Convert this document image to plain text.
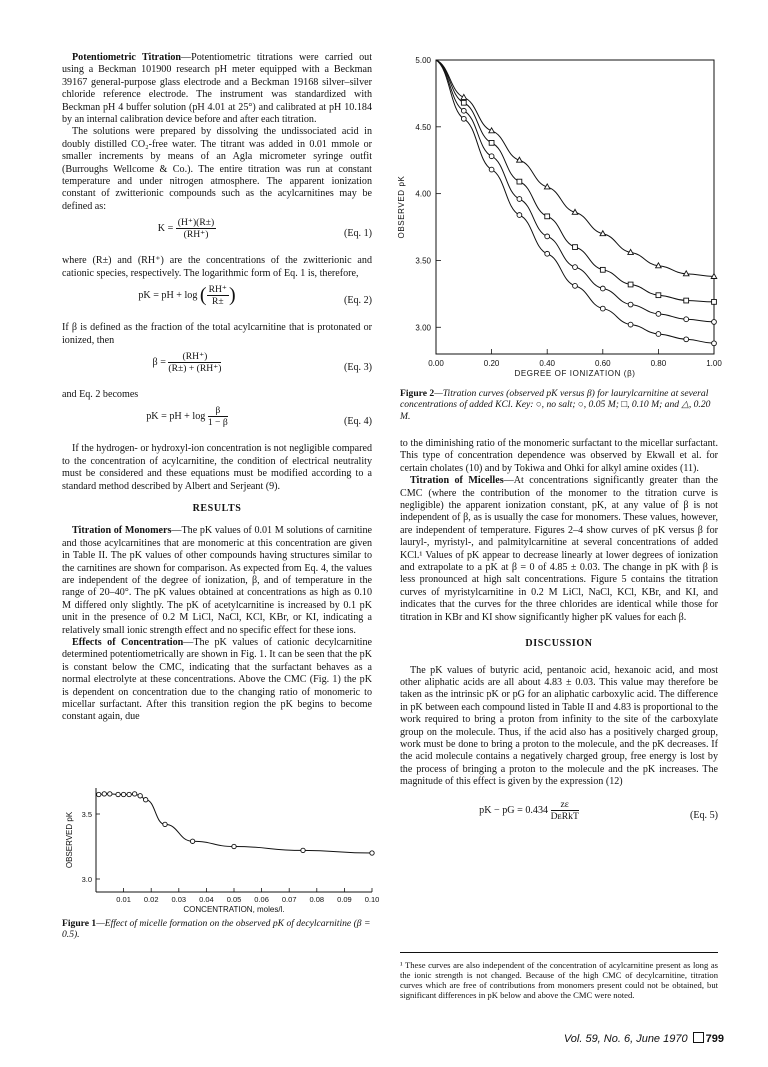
Potentiometric Titration—Potentiometric titrations were carried out using a Beckman 101900 research pH meter equipped with a Beckman 39167 general-purpose glass electrode and a Beckman 19168 silver–silver chloride reference electrode. The instrument was standardized with Beckman pH 4 buffer solution (pH 4.01 at 25°) and calibrated at pH 10.184 by an internal calibration device before and after each titration.

The solutions were prepared by dissolving the undissociated acid in doubly distilled CO₂-free water. The titrant was added in 0.01 mmole or smaller increments by means of an Agla micrometer syringe outfit (Burroughs Wellcome & Co.). The entire titration was run at constant temperature and under nitrogen atmosphere. The apparent ionization constant of zwitterionic compounds such as the acylcarnitines may be defined as:

$K = \frac{(H^+)(R\pm)}{(RH^+)}$	(Eq. 1)

where (R±) and (RH⁺) are the concentrations of the zwitterionic and cationic species, respectively. The logarithmic form of Eq. 1 is, therefore,

pK = pH + log ( $\frac{RH^+}{R\pm}$ )	(Eq. 2)

If β is defined as the fraction of the total acylcarnitine that is protonated or ionized, then

$\beta = \frac{(RH^+)}{(R\pm) + (RH^+)}$	(Eq. 3)

and Eq. 2 becomes

pK = pH + $\log \frac{\beta}{1 - \beta}$	(Eq. 4)

If the hydrogen- or hydroxyl-ion concentration is not negligible compared to the concentration of acylcarnitine, the condition of electrical neutrality must be considered and these equations must be modified according to a standard method described by Albert and Serjeant (9).

RESULTS

Titration of Monomers—The pK values of 0.01 M solutions of carnitine and those acylcarnitines that are monomeric at this concentration are given in Table II. The pK values of other compounds having structures similar to the carnitines are shown for comparison. As expected from Eq. 4, the values are independent of the degree of ionization, β, and of temperature in the range of 20–40°. The pK values obtained at concentrations as high as 0.10 M differed only slightly. The pK of acetylcarnitine is increased by 0.1 pK unit in the presence of 0.2 M LiCl, NaCl, KCl, KBr, or KI, indicating a relatively small ionic strength effect and no specific effect for these ions.

Effects of Concentration—The pK values of cationic decylcarnitine determined potentiometrically are shown in Fig. 1. It can be seen that the pK is constant below the CMC, indicating that the surfactant behaves as a normal electrolyte at these concentrations. Above the CMC (Fig. 1) the pK is dependent on concentration due to the changing ratio of monomeric to micellar surfactant. After this transition region the pK begins to become constant again, due

0.01 0.02 0.03 0.04 0.05 0.06 0.07 0.08 0.09 0.10
3.0
3.5
CONCENTRATION, moles/l.
OBSERVED pK
Figure 1—Effect of micelle formation on the observed pK of decylcarnitine (β = 0.5).
0.00	0.20	0.40	0.60	0.80	1.00
3.00
3.50
4.00
4.50
5.00
DEGREE OF IONIZATION (β)
OBSERVED pK
Figure 2—Titration curves (observed pK versus β) for laurylcarnitine at several concentrations of added KCl. Key: ○, no salt; ○, 0.05 M; □, 0.10 M; and △, 0.20 M.

to the diminishing ratio of the monomeric surfactant to the micellar surfactant. This type of concentration dependence was observed by Ekwall et al. for certain cholates (10) and by Tokiwa and Ohki for alkyl amine oxides (11).

Titration of Micelles—At concentrations significantly greater than the CMC (where the contribution of the monomer to the titration curve is negligible) the apparent ionization constant, pK, at any value of β is not independent of β, as is usually the case for monomers. These values, however, are independent of temperature. Figures 2–4 show curves of pK versus β for lauryl-, myristyl-, and palmitylcarnitine at several concentrations of added KCl.¹ Values of pK appear to decrease linearly at lower degrees of ionization and extrapolate to a pK at β = 0 of 4.85 ± 0.03. The change in pK with β is less pronounced at high salt concentrations. Figure 5 contains the titration curves of myristylcarnitine in 0.2 M LiCl, NaCl, KCl, KBr, and KI, and indicates that the curves for the three chlorides are identical while those for titration in KBr and KI show significantly higher pK values for each β.

DISCUSSION

The pK values of butyric acid, pentanoic acid, hexanoic acid, and most other aliphatic acids are all about 4.83 ± 0.03. This value may therefore be taken as the intrinsic pK or pG for an aliphatic carboxylic acid. The difference in pK between each compound listed in Table II and 4.83 is proportional to the work required to bring a proton from infinity to the site of the carboxylate group on the molecule. Thus, if the acid also has a positively charged group, work must be done to bring a proton to the molecule, and the pK decreases. If the acid molecule contains a negatively charged group, free energy is lost by the process of bringing a proton to the molecule and the pK increases. The magnitude of this effect is given by the expression (12)

pK − pG = $0.434 \frac{z\varepsilon}{\text{DᴇRkT}}$	(Eq. 5)
¹ These curves are also independent of the concentration of acylcarnitine present as long as the ionic strength is not changed. Because of the high CMC of decylcarnitine, titration curves which are free of contributions from monomers present could not be obtained, but significant differences in pK below and above the CMC were noted.
Vol. 59, No. 6, June 1970 799
